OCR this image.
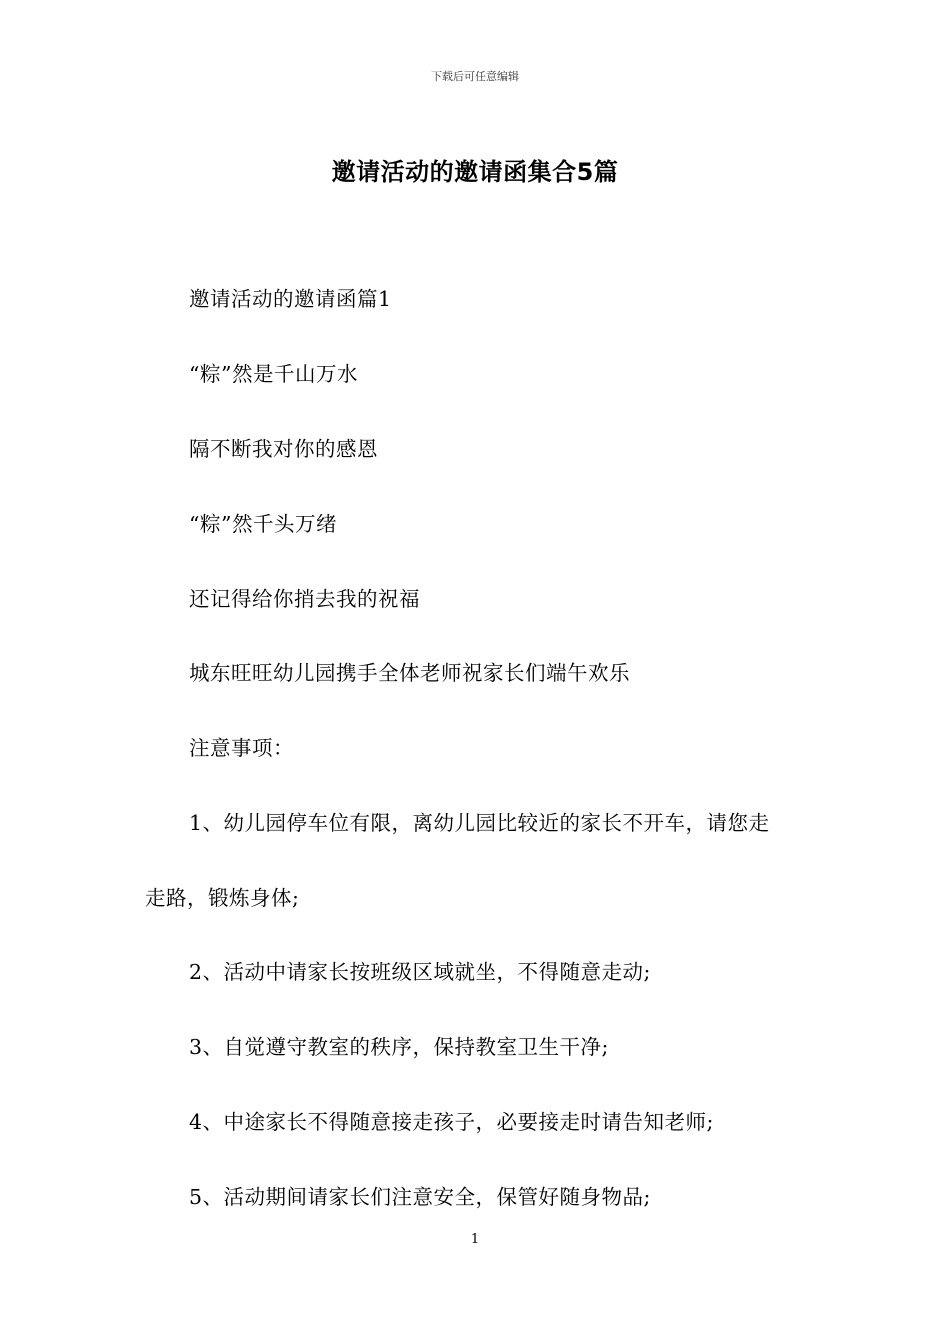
下载后可任意编辑
邀请活动的邀请函集合5篇
邀请活动的邀请函篇1
“粽”然是千山万水
隔不断我对你的感恩
“粽”然千头万绪
还记得给你捎去我的祝福
城东旺旺幼儿园携手全体老师祝家长们端午欢乐
注意事项：
1、幼儿园停车位有限，离幼儿园比较近的家长不开车，请您走
走路，锻炼身体;
2、活动中请家长按班级区域就坐，不得随意走动;
3、自觉遵守教室的秩序，保持教室卫生干净;
4、中途家长不得随意接走孩子，必要接走时请告知老师;
5、活动期间请家长们注意安全，保管好随身物品;
1
